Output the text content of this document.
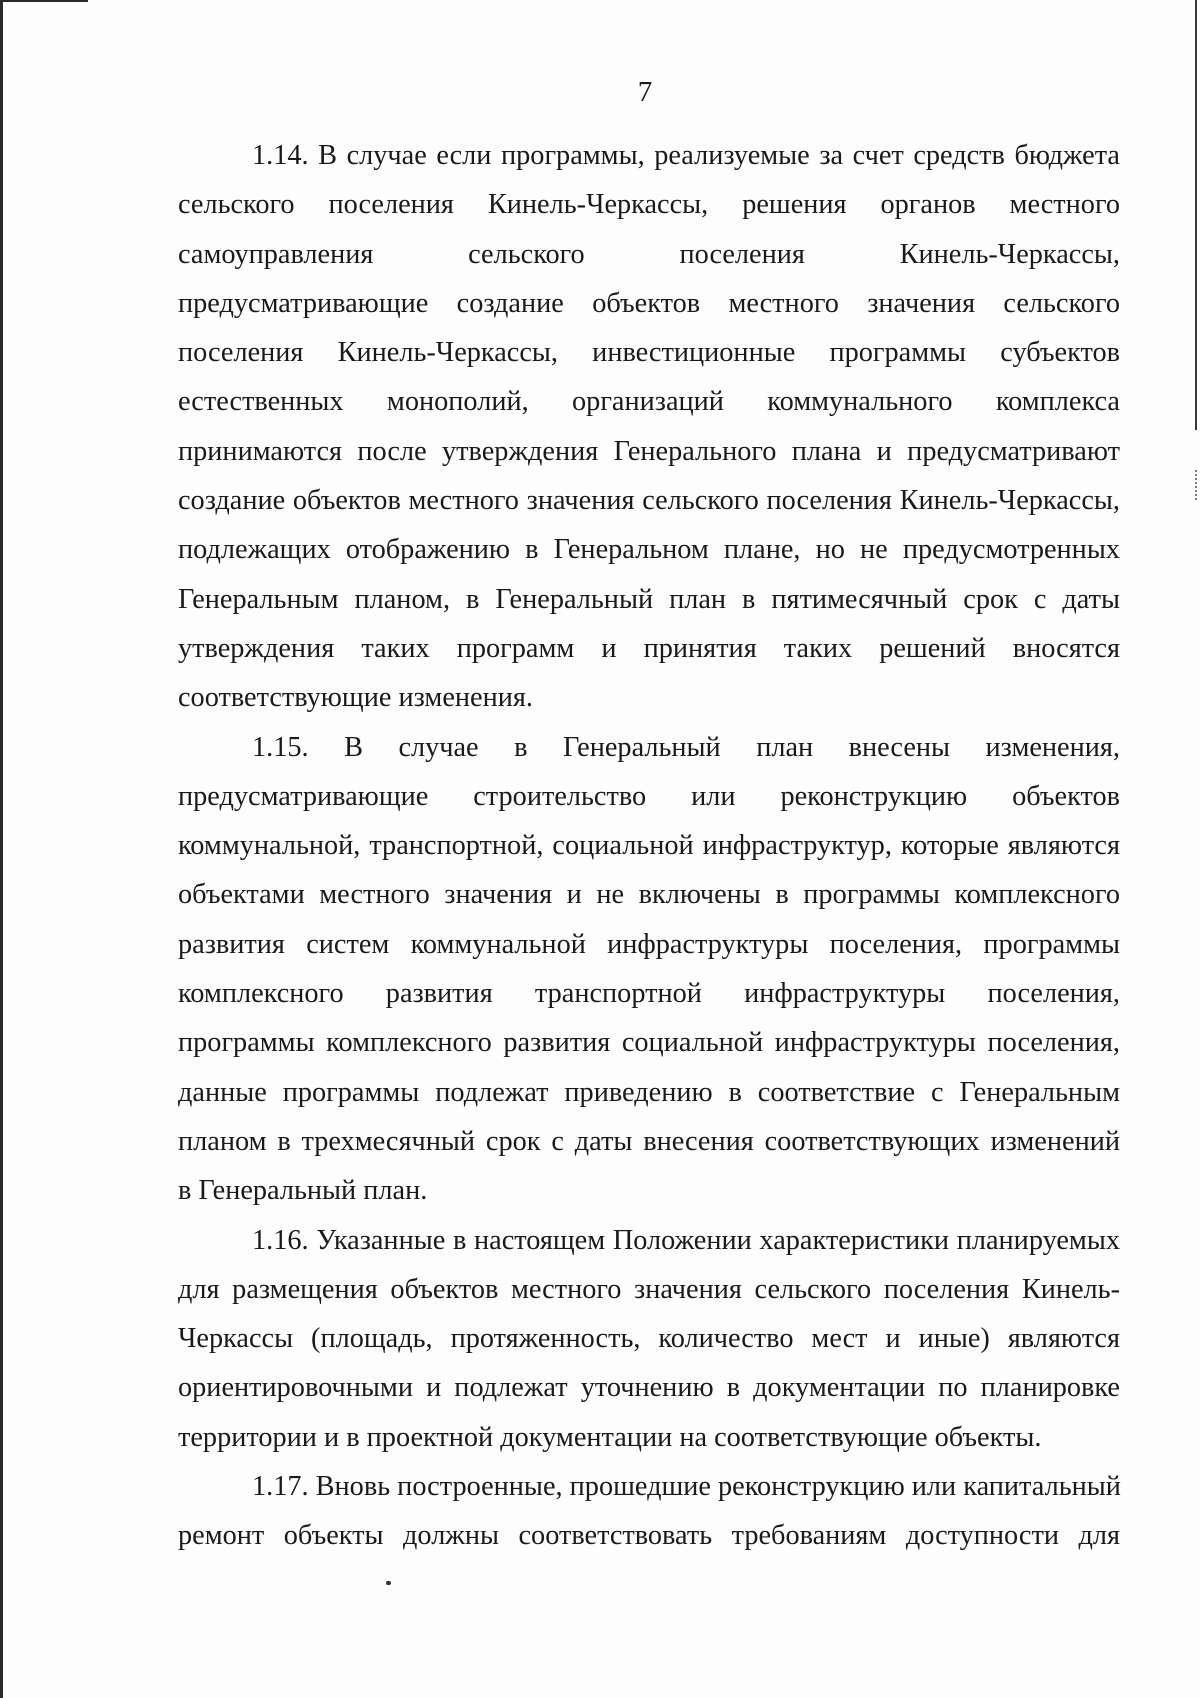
7
1.14. В случае если программы, реализуемые за счет средств бюджета
сельского поселения Кинель-Черкассы, решения органов местного
самоуправления сельского поселения Кинель-Черкассы,
предусматривающие создание объектов местного значения сельского
поселения Кинель-Черкассы, инвестиционные программы субъектов
естественных монополий, организаций коммунального комплекса
принимаются после утверждения Генерального плана и предусматривают
создание объектов местного значения сельского поселения Кинель-Черкассы,
подлежащих отображению в Генеральном плане, но не предусмотренных
Генеральным планом, в Генеральный план в пятимесячный срок с даты
утверждения таких программ и принятия таких решений вносятся
соответствующие изменения.
1.15. В случае в Генеральный план внесены изменения,
предусматривающие строительство или реконструкцию объектов
коммунальной, транспортной, социальной инфраструктур, которые являются
объектами местного значения и не включены в программы комплексного
развития систем коммунальной инфраструктуры поселения, программы
комплексного развития транспортной инфраструктуры поселения,
программы комплексного развития социальной инфраструктуры поселения,
данные программы подлежат приведению в соответствие с Генеральным
планом в трехмесячный срок с даты внесения соответствующих изменений
в Генеральный план.
1.16. Указанные в настоящем Положении характеристики планируемых
для размещения объектов местного значения сельского поселения Кинель-
Черкассы (площадь, протяженность, количество мест и иные) являются
ориентировочными и подлежат уточнению в документации по планировке
территории и в проектной документации на соответствующие объекты.
1.17. Вновь построенные, прошедшие реконструкцию или капитальный
ремонт объекты должны соответствовать требованиям доступности для
